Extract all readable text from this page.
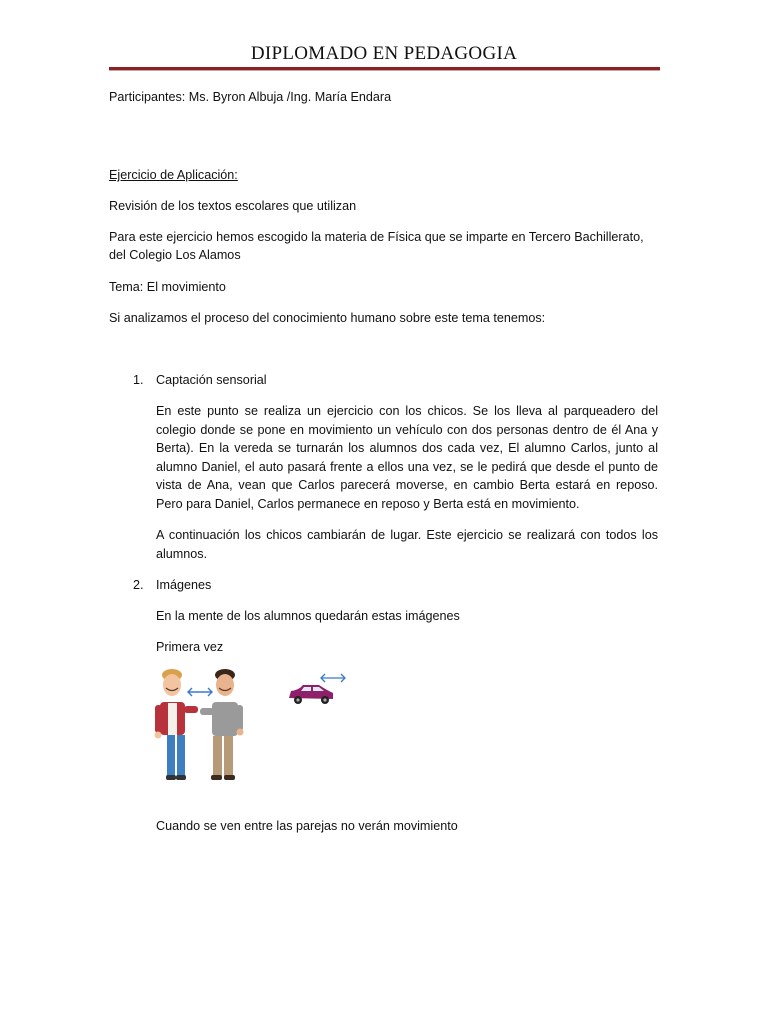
DIPLOMADO EN PEDAGOGIA
Participantes: Ms. Byron Albuja /Ing. María Endara
Ejercicio de Aplicación:
Revisión de los textos escolares que utilizan
Para este ejercicio hemos escogido la materia de Física que se imparte en Tercero Bachillerato,
del Colegio Los Alamos
Tema: El movimiento
Si analizamos el proceso del conocimiento humano sobre este tema tenemos:
1. Captación sensorial
En este punto se realiza un ejercicio con los chicos. Se los lleva al parqueadero del colegio donde se pone en movimiento un vehículo con dos personas dentro de él Ana y Berta). En la vereda se turnarán los alumnos dos cada vez, El alumno Carlos, junto al alumno Daniel, el auto pasará frente a ellos una vez, se le pedirá que desde el punto de vista de Ana, vean que Carlos parecerá moverse, en cambio Berta estará en reposo. Pero para Daniel, Carlos permanece en reposo y Berta está en movimiento.
A continuación los chicos cambiarán de lugar. Este ejercicio se realizará con todos los alumnos.
2. Imágenes
En la mente de los alumnos quedarán estas imágenes
Primera vez
Cuando se ven entre las parejas no verán movimiento
